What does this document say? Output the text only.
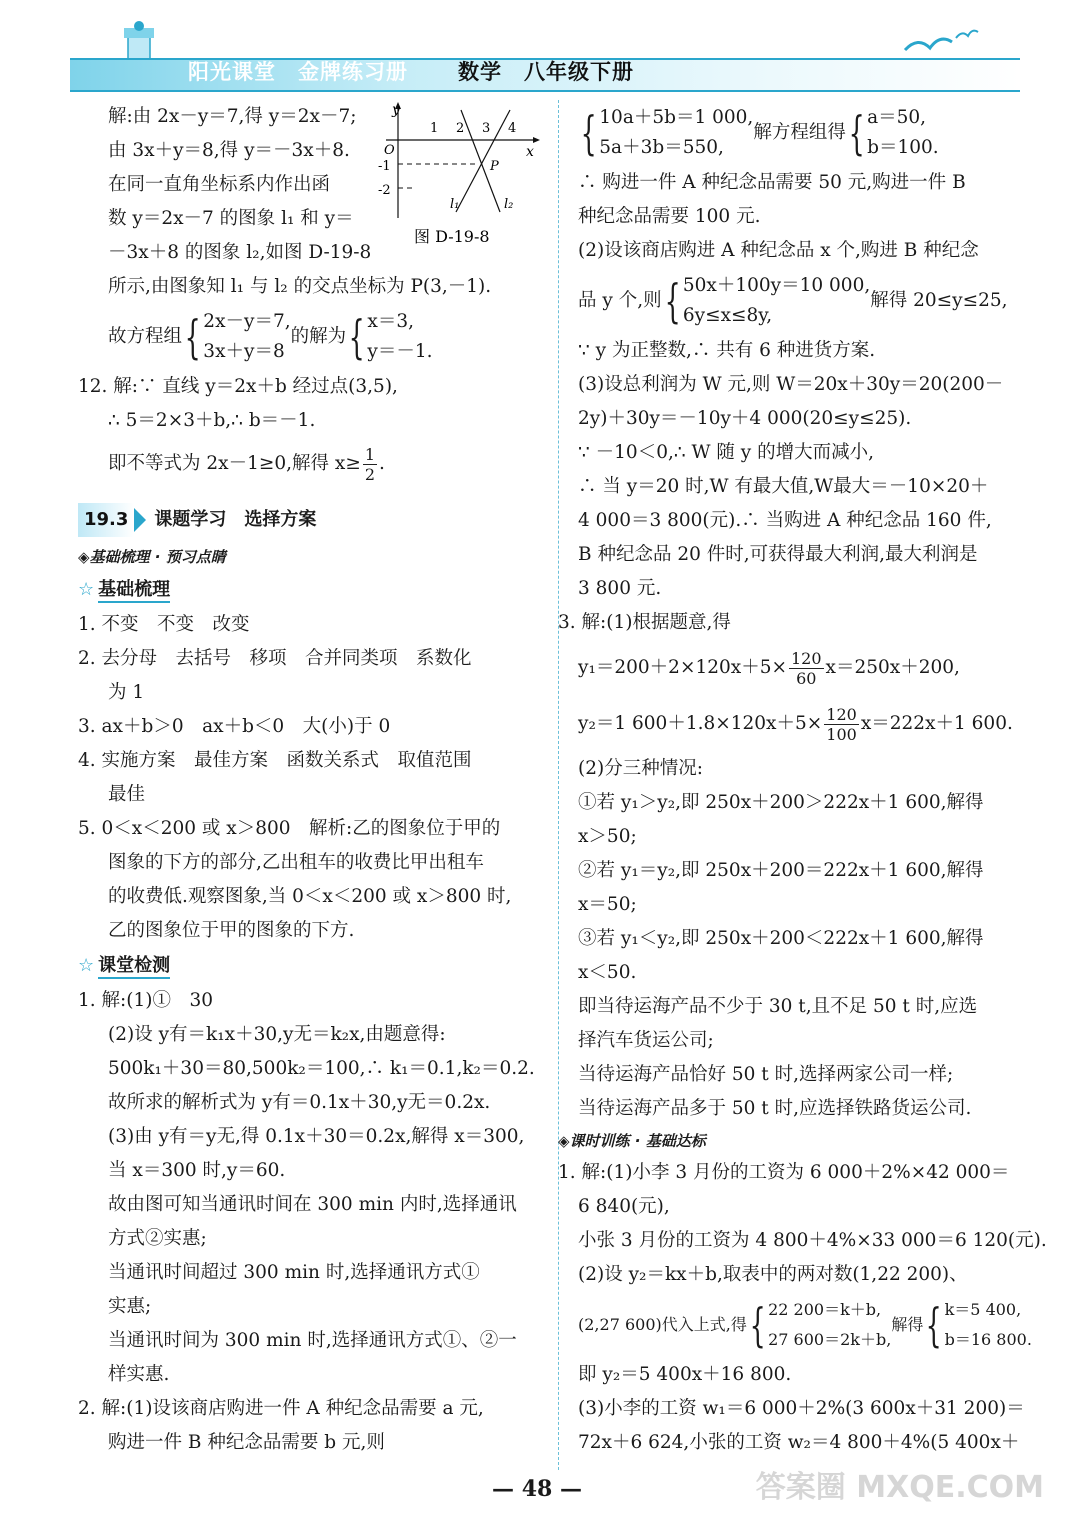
阳光课堂　金牌练习册 数学　八年级下册
y
x
O
1 2 3 4
-1
-2
P
l₁	l₂
图 D-19-8
解:由 2x－y＝7,得 y＝2x－7;
由 3x＋y＝8,得 y＝－3x＋8.
在同一直角坐标系内作出函
数 y＝2x－7 的图象 l₁ 和 y＝
－3x＋8 的图象 l₂,如图 D-19-8
所示,由图象知 l₁ 与 l₂ 的交点坐标为 P(3,－1).
故方程组 { 2x－y＝7,
3x＋y＝8
的解为 { x＝3,
y＝－1.
12. 解:∵ 直线 y＝2x＋b 经过点(3,5),
∴ 5＝2×3＋b,∴ b＝－1.
即不等式为 2x－1≥0,解得 $x\ge \frac{1}{2}$ .
19.3	课题学习　选择方案
◈基础梳理 · 预习点睛
☆ 基础梳理
1. 不变　不变　改变
2. 去分母　去括号　移项　合并同类项　系数化
为 1
3. ax＋b＞0　ax＋b＜0　大(小)于 0
4. 实施方案　最佳方案　函数关系式　取值范围
最佳
5. 0＜x＜200 或 x＞800　解析:乙的图象位于甲的
图象的下方的部分,乙出租车的收费比甲出租车
的收费低.观察图象,当 0＜x＜200 或 x＞800 时,
乙的图象位于甲的图象的下方.
☆ 课堂检测
1. 解:(1)①　30
(2)设 y有＝k₁x＋30,y无＝k₂x,由题意得:
500k₁＋30＝80,500k₂＝100,∴ k₁＝0.1,k₂＝0.2.
故所求的解析式为 y有＝0.1x＋30,y无＝0.2x.
(3)由 y有＝y无,得 0.1x＋30＝0.2x,解得 x＝300,
当 x＝300 时,y＝60.
故由图可知当通讯时间在 300 min 内时,选择通讯
方式②实惠;
当通讯时间超过 300 min 时,选择通讯方式①
实惠;
当通讯时间为 300 min 时,选择通讯方式①、②一
样实惠.
2. 解:(1)设该商店购进一件 A 种纪念品需要 a 元,
购进一件 B 种纪念品需要 b 元,则
{ 10a＋5b＝1 000,
5a＋3b＝550,
解方程组得 { a＝50,
b＝100.
∴ 购进一件 A 种纪念品需要 50 元,购进一件 B
种纪念品需要 100 元.
(2)设该商店购进 A 种纪念品 x 个,购进 B 种纪念
品 y 个,则 { 50x＋100y＝10 000,
6y≤x≤8y,
解得 20≤y≤25,
∵ y 为正整数,∴ 共有 6 种进货方案.
(3)设总利润为 W 元,则 W＝20x＋30y＝20(200－
2y)＋30y＝－10y＋4 000(20≤y≤25).
∵ －10＜0,∴ W 随 y 的增大而减小,
∴ 当 y＝20 时,W 有最大值,W最大＝－10×20＋
4 000＝3 800(元).∴ 当购进 A 种纪念品 160 件,
B 种纪念品 20 件时,可获得最大利润,最大利润是
3 800 元.
3. 解:(1)根据题意,得
$y_1=200+2\times 120x+5\times \frac{120}{60} x=250x+200$,
y₂＝1 $600+1.8\times 120x+5\times \frac{120}{100} x=222x+1$ 600.
(2)分三种情况:
①若 y₁＞y₂,即 250x＋200＞222x＋1 600,解得
x＞50;
②若 y₁＝y₂,即 250x＋200＝222x＋1 600,解得
x＝50;
③若 y₁＜y₂,即 250x＋200＜222x＋1 600,解得
x＜50.
即当待运海产品不少于 30 t,且不足 50 t 时,应选
择汽车货运公司;
当待运海产品恰好 50 t 时,选择两家公司一样;
当待运海产品多于 50 t 时,应选择铁路货运公司.
◈课时训练 · 基础达标
1. 解:(1)小李 3 月份的工资为 6 000＋2%×42 000＝
6 840(元),
小张 3 月份的工资为 4 800＋4%×33 000＝6 120(元).
(2)设 y₂＝kx＋b,取表中的两对数(1,22 200)、
(2,27 600)代入上式,得 { 22 200＝k＋b,
27 600＝2k＋b,
解得 { k＝5 400,
b＝16 800.
即 y₂＝5 400x＋16 800.
(3)小李的工资 w₁＝6 000＋2%(3 600x＋31 200)＝
72x＋6 624,小张的工资 w₂＝4 800＋4%(5 400x＋
— 48 —	答案圈 MXQE.COM
